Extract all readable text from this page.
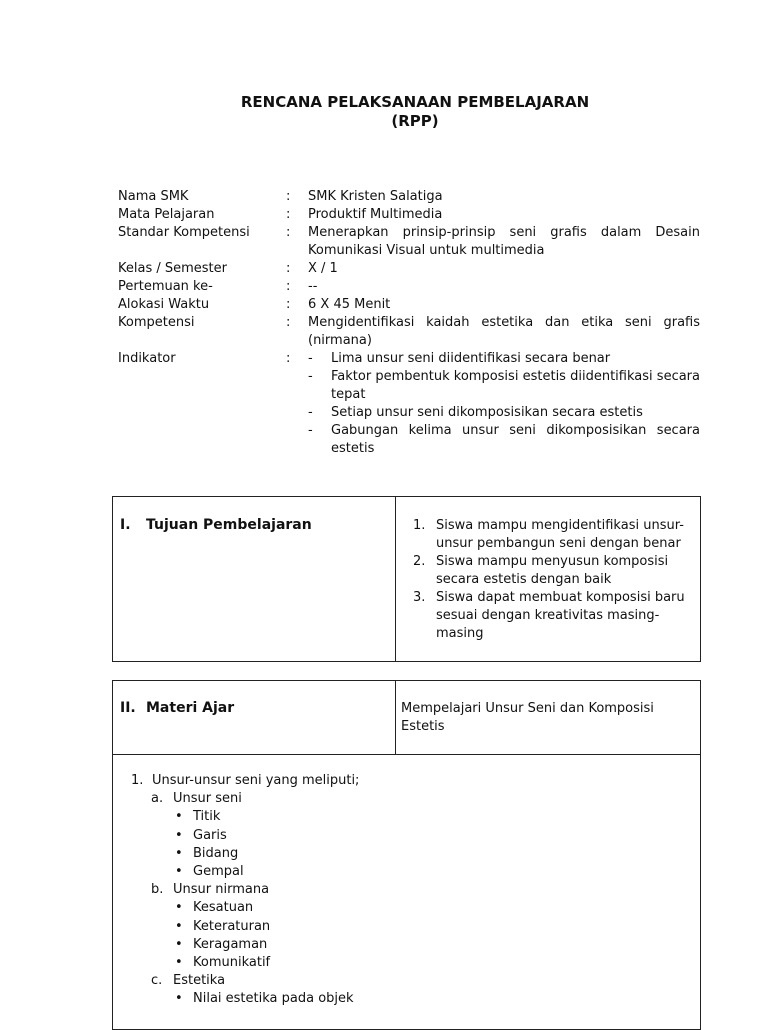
RENCANA PELAKSANAAN PEMBELAJARAN
(RPP)
Nama SMK	:	SMK Kristen Salatiga
Mata Pelajaran	:	Produktif Multimedia
Standar Kompetensi	:	Menerapkan prinsip-prinsip seni grafis dalam Desain Komunikasi Visual untuk multimedia
Kelas / Semester	:	X / 1
Pertemuan ke-	:	--
Alokasi Waktu	:	6 X 45 Menit
Kompetensi	:	Mengidentifikasi kaidah estetika dan etika seni grafis (nirmana)
Indikator	:
-	Lima unsur seni diidentifikasi secara benar
- Faktor pembentuk komposisi estetis diidentifikasi secara tepat
- Setiap unsur seni dikomposisikan secara estetis
- Gabungan kelima unsur seni dikomposisikan secara estetis
I. Tujuan Pembelajaran	1. Siswa mampu mengidentifikasi unsur-unsur pembangun seni dengan benar
2. Siswa mampu menyusun komposisi secara estetis dengan baik
3. Siswa dapat membuat komposisi baru sesuai dengan kreativitas masing-masing
II. Materi Ajar	Mempelajari Unsur Seni dan Komposisi Estetis
1. Unsur-unsur seni yang meliputi;
a. Unsur seni
• Titik
• Garis
• Bidang
• Gempal
b. Unsur nirmana
• Kesatuan
• Keteraturan
• Keragaman
• Komunikatif
c. Estetika
• Nilai estetika pada objek
